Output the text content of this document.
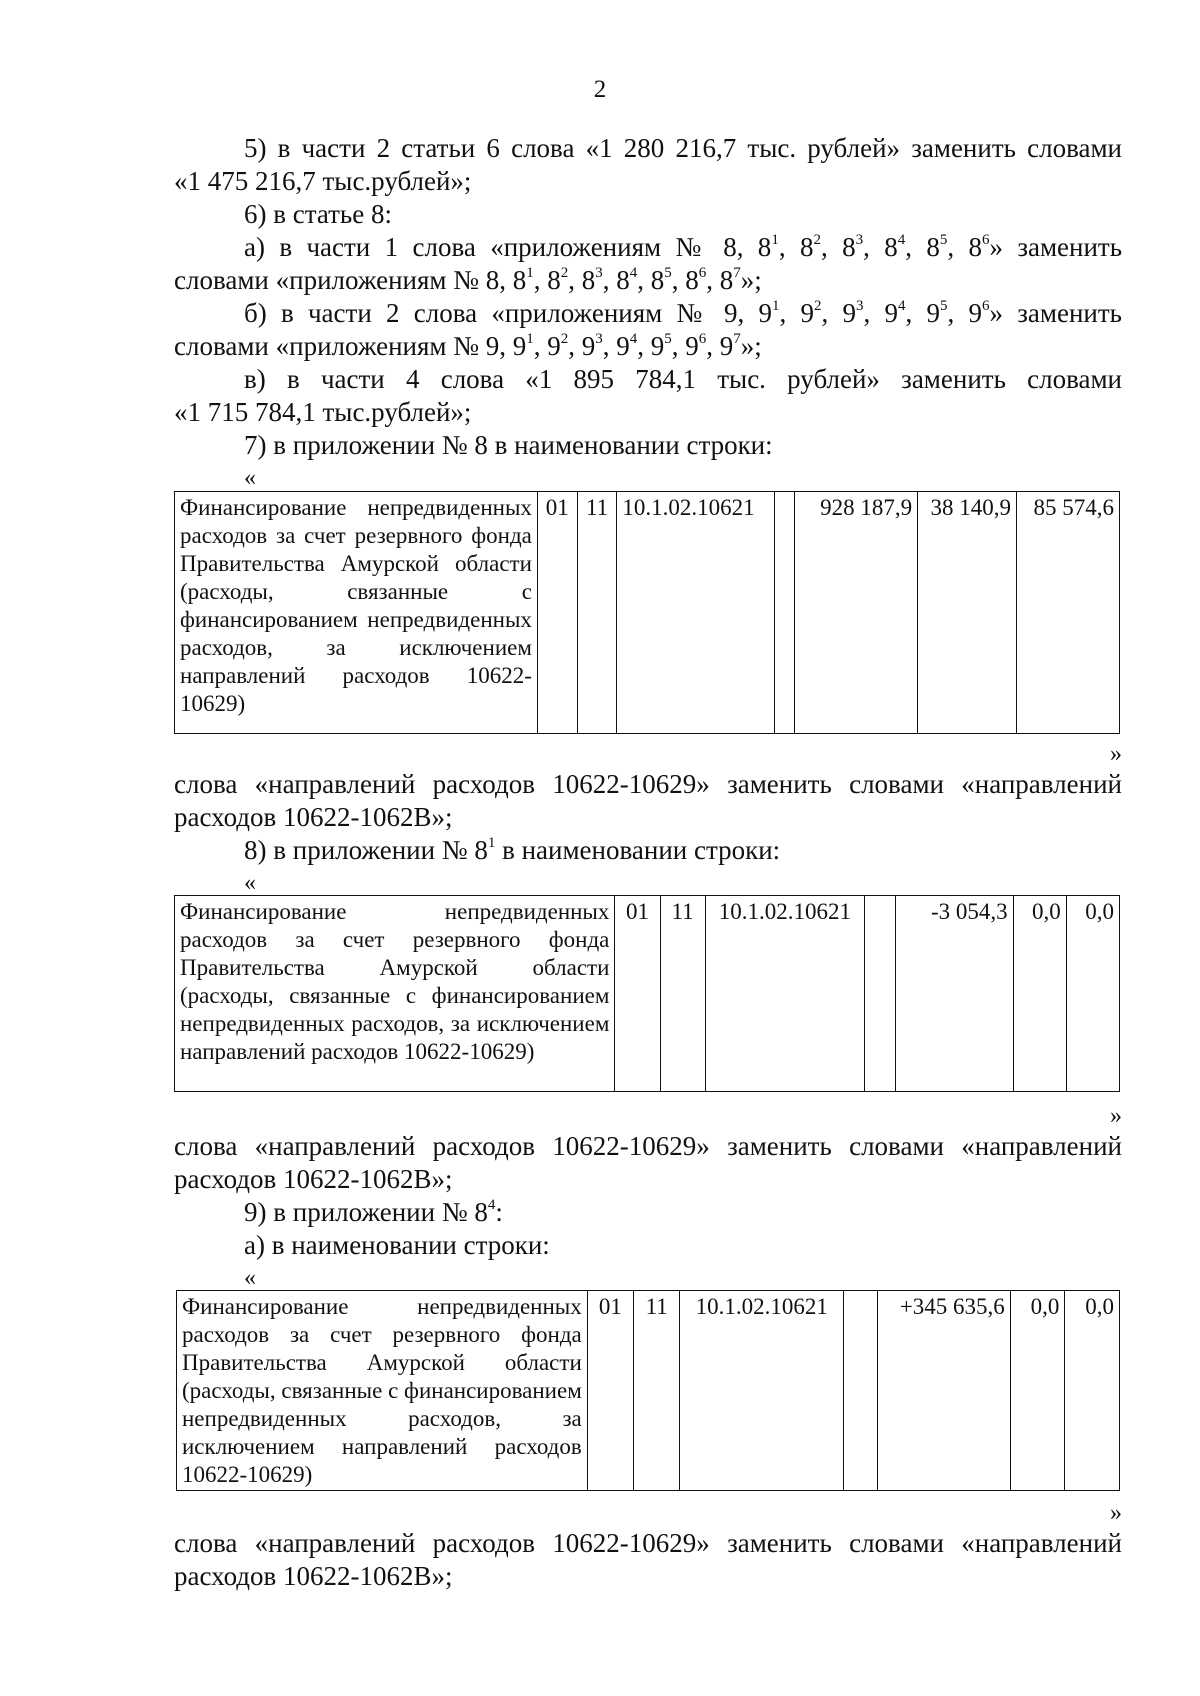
2
5) в части 2 статьи 6 слова «1 280 216,7 тыс. рублей» заменить словами
«1 475 216,7 тыс.рублей»;
6) в статье 8:
а) в части 1 слова «приложениям № 8, $8^1$, $8^2$, $8^3$, $8^4$, $8^5$, $8^6$» заменить
словами «приложениям № 8, $8^1$, $8^2$, $8^3$, $8^4$, $8^5$, $8^6$, $8^7$»;
б) в части 2 слова «приложениям № 9, $9^1$, $9^2$, $9^3$, $9^4$, $9^5$, $9^6$» заменить
словами «приложениям № 9, $9^1$, $9^2$, $9^3$, $9^4$, $9^5$, $9^6$, $9^7$»;
в) в части 4 слова «1 895 784,1 тыс. рублей» заменить словами
«1 715 784,1 тыс.рублей»;
7) в приложении № 8 в наименовании строки:
«
Финансирование непредвиденных расходов за счет резервного фонда Правительства Амурской области (расходы, связанные с финансированием непредвиденных расходов, за исключением направлений расходов 10622-10629)	01	11	10.1.02.10621		928 187,9	38 140,9	85 574,6
»
слова «направлений расходов 10622-10629» заменить словами «направлений
расходов 10622-1062В»;
8) в приложении № $8^1$ в наименовании строки:
«
Финансирование непредвиденных расходов за счет резервного фонда Правительства Амурской области (расходы, связанные с финансированием непредвиденных расходов, за исключением направлений расходов 10622-10629)	01	11	10.1.02.10621		-3 054,3	0,0	0,0
»
слова «направлений расходов 10622-10629» заменить словами «направлений
расходов 10622-1062В»;
9) в приложении № $8^4$:
а) в наименовании строки:
«
Финансирование непредвиденных расходов за счет резервного фонда Правительства Амурской области (расходы, связанные с финансированием непредвиденных расходов, за исключением направлений расходов 10622-10629)	01	11	10.1.02.10621		+345 635,6	0,0	0,0
»
слова «направлений расходов 10622-10629» заменить словами «направлений
расходов 10622-1062В»;
